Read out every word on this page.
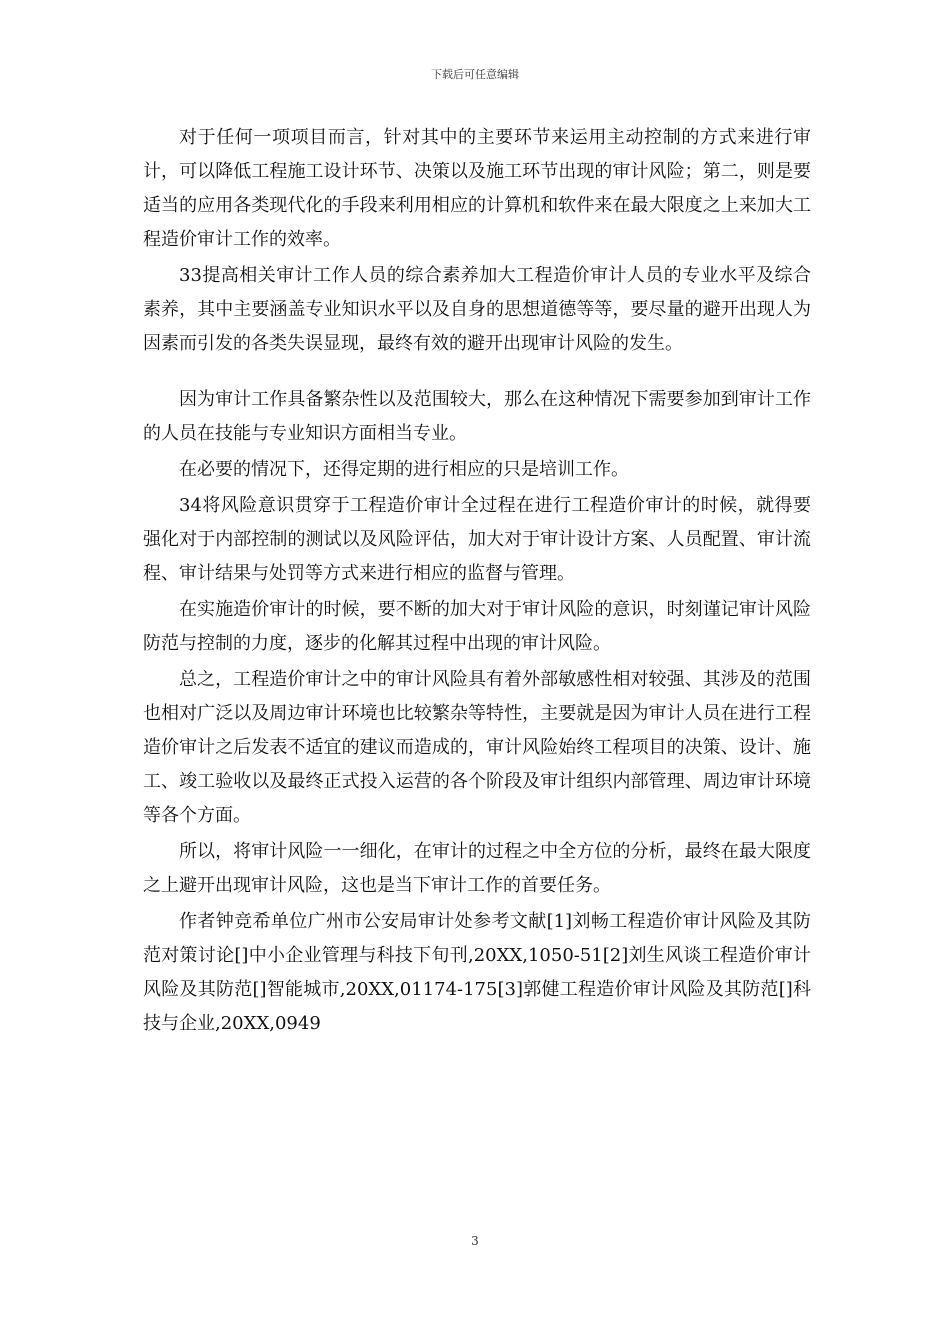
下载后可任意编辑

对于任何一项项目而言，针对其中的主要环节来运用主动控制的方式来进行审计，可以降低工程施工设计环节、决策以及施工环节出现的审计风险；第二，则是要适当的应用各类现代化的手段来利用相应的计算机和软件来在最大限度之上来加大工程造价审计工作的效率。

33提高相关审计工作人员的综合素养加大工程造价审计人员的专业水平及综合素养，其中主要涵盖专业知识水平以及自身的思想道德等等，要尽量的避开出现人为因素而引发的各类失误显现，最终有效的避开出现审计风险的发生。

因为审计工作具备繁杂性以及范围较大，那么在这种情况下需要参加到审计工作的人员在技能与专业知识方面相当专业。

在必要的情况下，还得定期的进行相应的只是培训工作。

34将风险意识贯穿于工程造价审计全过程在进行工程造价审计的时候，就得要强化对于内部控制的测试以及风险评估，加大对于审计设计方案、人员配置、审计流程、审计结果与处罚等方式来进行相应的监督与管理。

在实施造价审计的时候，要不断的加大对于审计风险的意识，时刻谨记审计风险防范与控制的力度，逐步的化解其过程中出现的审计风险。

总之，工程造价审计之中的审计风险具有着外部敏感性相对较强、其涉及的范围也相对广泛以及周边审计环境也比较繁杂等特性，主要就是因为审计人员在进行工程造价审计之后发表不适宜的建议而造成的，审计风险始终工程项目的决策、设计、施工、竣工验收以及最终正式投入运营的各个阶段及审计组织内部管理、周边审计环境等各个方面。

所以，将审计风险一一细化，在审计的过程之中全方位的分析，最终在最大限度之上避开出现审计风险，这也是当下审计工作的首要任务。

作者钟竞希单位广州市公安局审计处参考文献[1]刘畅工程造价审计风险及其防范对策讨论[]中小企业管理与科技下旬刊,20XX,1050-51[2]刘生风谈工程造价审计风险及其防范[]智能城市,20XX,01174-175[3]郭健工程造价审计风险及其防范[]科技与企业,20XX,0949

3
